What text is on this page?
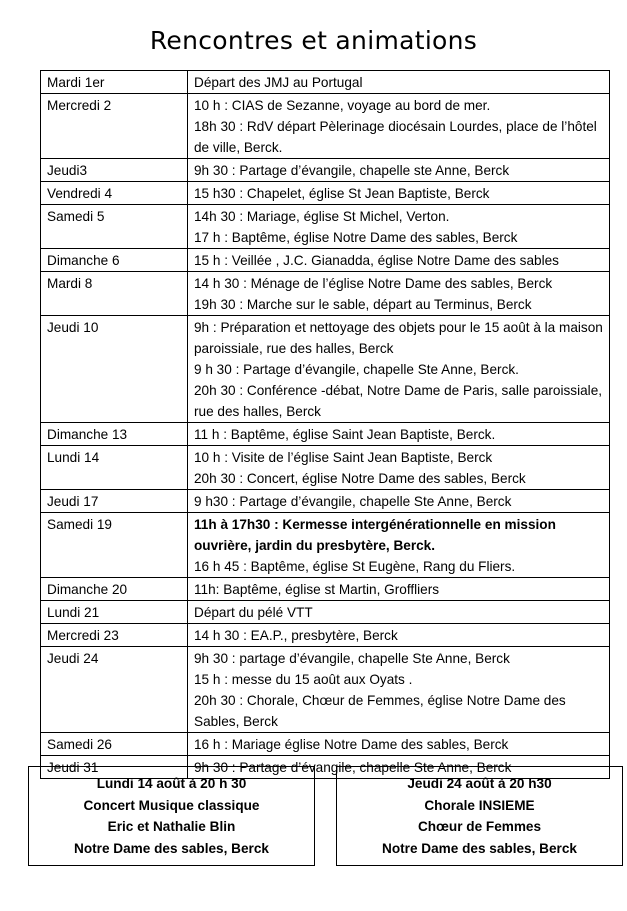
Rencontres et animations
Mardi 1er	Départ des JMJ au Portugal

Mercredi 2	10 h : CIAS de Sezanne, voyage au bord de mer.
18h 30 : RdV départ Pèlerinage diocésain Lourdes, place de l’hôtel de ville, Berck.

Jeudi3	9h 30 : Partage d’évangile, chapelle ste Anne, Berck

Vendredi 4	15 h30 : Chapelet, église St Jean Baptiste, Berck

Samedi 5	14h 30 : Mariage, église St Michel, Verton.
17 h : Baptême, église Notre Dame des sables, Berck

Dimanche 6	15 h : Veillée , J.C. Gianadda, église Notre Dame des sables

Mardi 8	14 h 30 : Ménage de l’église Notre Dame des sables, Berck
19h 30 : Marche sur le sable, départ au Terminus, Berck

Jeudi 10	9h : Préparation et nettoyage des objets pour le 15 août à la maison paroissiale, rue des halles, Berck
9 h 30 : Partage d’évangile, chapelle Ste Anne, Berck.
20h 30 : Conférence -débat, Notre Dame de Paris, salle paroissiale, rue des halles, Berck

Dimanche 13	11 h : Baptême, église Saint Jean Baptiste, Berck.

Lundi 14	10 h : Visite de l’église Saint Jean Baptiste, Berck
20h 30 : Concert, église Notre Dame des sables, Berck

Jeudi 17	9 h30 : Partage d’évangile, chapelle Ste Anne, Berck

Samedi 19	11h à 17h30 : Kermesse intergénérationnelle en mission ouvrière, jardin du presbytère, Berck.
16 h 45 : Baptême, église St Eugène, Rang du Fliers.

Dimanche 20	11h: Baptême, église st Martin, Groffliers

Lundi 21	Départ du pélé VTT

Mercredi 23	14 h 30 : EA.P., presbytère, Berck

Jeudi 24	9h 30 : partage d’évangile, chapelle Ste Anne, Berck
15 h : messe du 15 août aux Oyats .
20h 30 : Chorale, Chœur de Femmes, église Notre Dame des Sables, Berck

Samedi 26	16 h : Mariage église Notre Dame des sables, Berck

Jeudi 31	9h 30 : Partage d’évangile, chapelle Ste Anne, Berck
Lundi 14 août à 20 h 30
Concert Musique classique
Eric et Nathalie Blin
Notre Dame des sables, Berck
Jeudi 24 août à 20 h30
Chorale INSIEME
Chœur de Femmes
Notre Dame des sables, Berck
